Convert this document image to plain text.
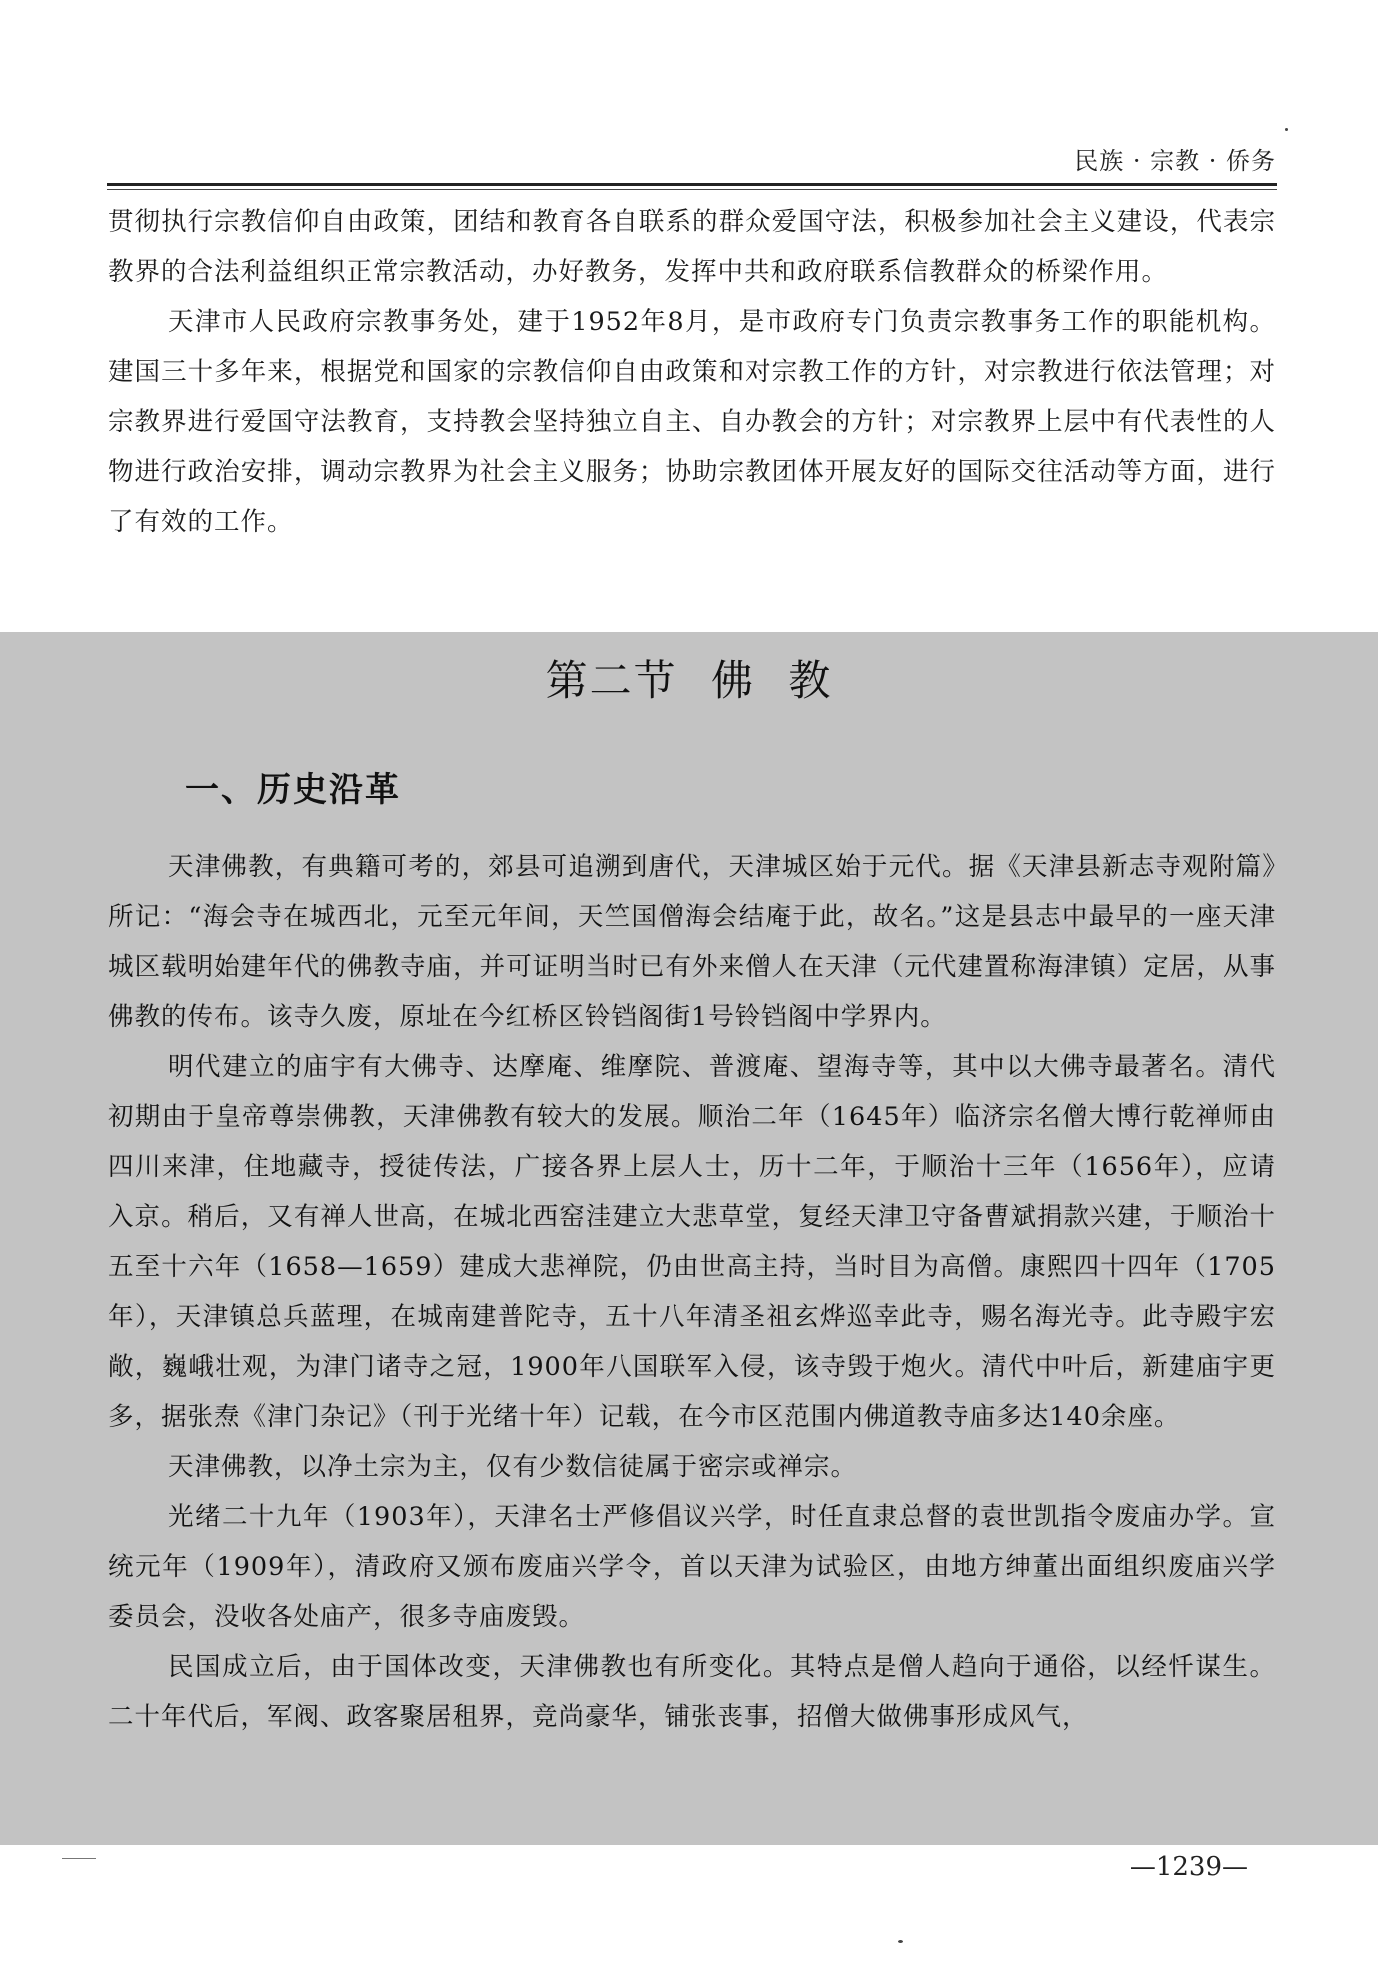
民族 · 宗教 · 侨务

贯彻执行宗教信仰自由政策，团结和教育各自联系的群众爱国守法，积极参加社会主义建设，代表宗教界的合法利益组织正常宗教活动，办好教务，发挥中共和政府联系信教群众的桥梁作用。

天津市人民政府宗教事务处，建于1952年8月，是市政府专门负责宗教事务工作的职能机构。建国三十多年来，根据党和国家的宗教信仰自由政策和对宗教工作的方针，对宗教进行依法管理；对宗教界进行爱国守法教育，支持教会坚持独立自主、自办教会的方针；对宗教界上层中有代表性的人物进行政治安排，调动宗教界为社会主义服务；协助宗教团体开展友好的国际交往活动等方面，进行了有效的工作。

第二节 佛 教
一、历史沿革

天津佛教，有典籍可考的，郊县可追溯到唐代，天津城区始于元代。据《天津县新志寺观附篇》所记：“海会寺在城西北，元至元年间，天竺国僧海会结庵于此，故名。”这是县志中最早的一座天津城区载明始建年代的佛教寺庙，并可证明当时已有外来僧人在天津（元代建置称海津镇）定居，从事佛教的传布。该寺久废，原址在今红桥区铃铛阁街1号铃铛阁中学界内。

明代建立的庙宇有大佛寺、达摩庵、维摩院、普渡庵、望海寺等，其中以大佛寺最著名。清代初期由于皇帝尊崇佛教，天津佛教有较大的发展。顺治二年（1645年）临济宗名僧大博行乾禅师由四川来津，住地藏寺，授徒传法，广接各界上层人士，历十二年，于顺治十三年（1656年），应请入京。稍后，又有禅人世高，在城北西窑洼建立大悲草堂，复经天津卫守备曹斌捐款兴建，于顺治十五至十六年（1658—1659）建成大悲禅院，仍由世高主持，当时目为高僧。康熙四十四年（1705年），天津镇总兵蓝理，在城南建普陀寺，五十八年清圣祖玄烨巡幸此寺，赐名海光寺。此寺殿宇宏敞，巍峨壮观，为津门诸寺之冠，1900年八国联军入侵，该寺毁于炮火。清代中叶后，新建庙宇更多，据张焘《津门杂记》（刊于光绪十年）记载，在今市区范围内佛道教寺庙多达140余座。

天津佛教，以净土宗为主，仅有少数信徒属于密宗或禅宗。

光绪二十九年（1903年），天津名士严修倡议兴学，时任直隶总督的袁世凯指令废庙办学。宣统元年（1909年），清政府又颁布废庙兴学令，首以天津为试验区，由地方绅董出面组织废庙兴学委员会，没收各处庙产，很多寺庙废毁。

民国成立后，由于国体改变，天津佛教也有所变化。其特点是僧人趋向于通俗，以经忏谋生。二十年代后，军阀、政客聚居租界，竞尚豪华，铺张丧事，招僧大做佛事形成风气，

—1239—
